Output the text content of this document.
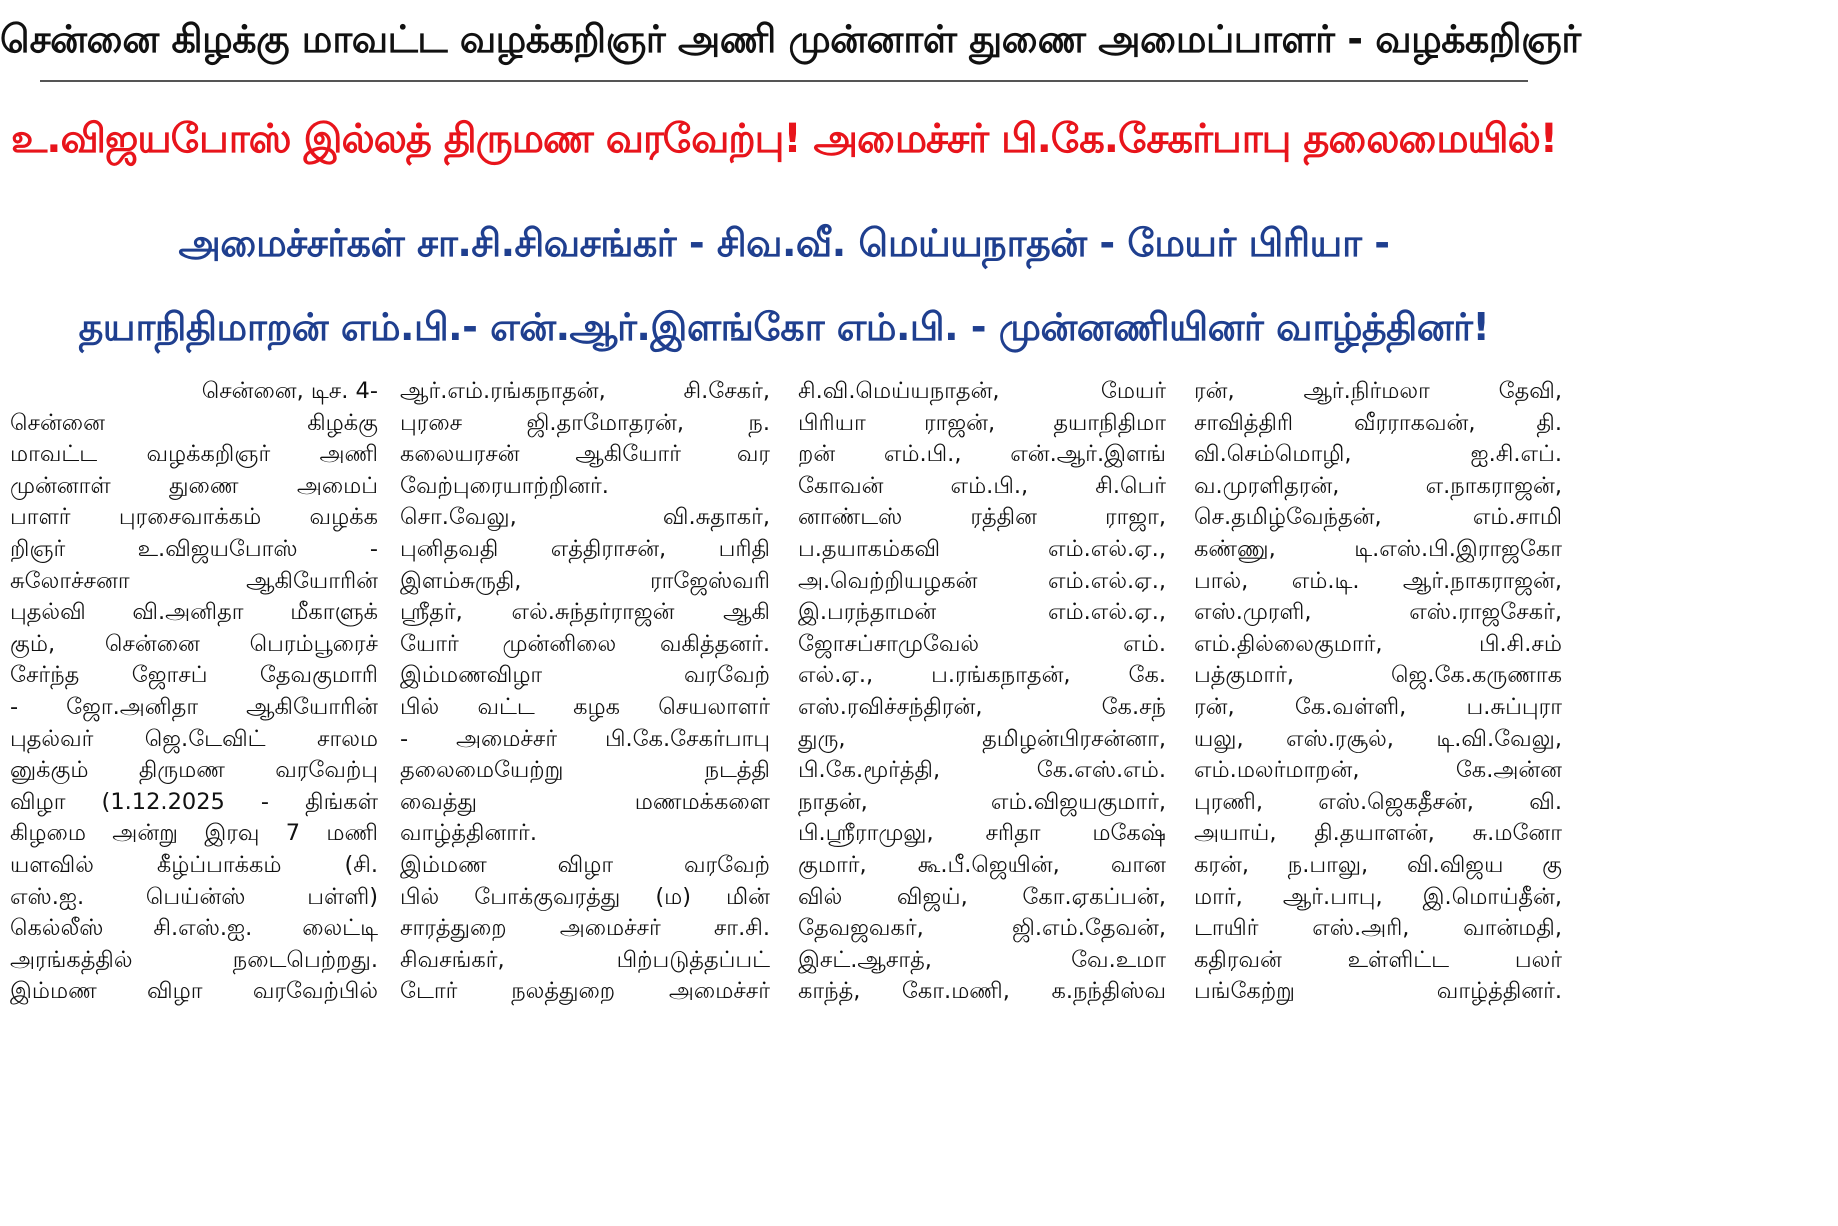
சென்னை கிழக்கு மாவட்ட வழக்கறிஞர் அணி முன்னாள் துணை அமைப்பாளர் - வழக்கறிஞர்
உ.விஜயபோஸ் இல்லத் திருமண வரவேற்பு! அமைச்சர் பி.கே.சேகர்பாபு தலைமையில்!
அமைச்சர்கள் சா.சி.சிவசங்கர் - சிவ.வீ. மெய்யநாதன் - மேயர் பிரியா -
தயாநிதிமாறன் எம்.பி.- என்.ஆர்.இளங்கோ எம்.பி. - முன்னணியினர் வாழ்த்தினர்!

சென்னை, டிச. 4-

சென்னை கிழக்கு

மாவட்ட வழக்கறிஞர் அணி

முன்னாள் துணை அமைப்

பாளர் புரசைவாக்கம் வழக்க

றிஞர் உ.விஜயபோஸ் -

சுலோச்சனா ஆகியோரின்

புதல்வி வி.அனிதா மீகாளுக்

கும், சென்னை பெரம்பூரைச்

சேர்ந்த ஜோசப் தேவகுமாரி

- ஜோ.அனிதா ஆகியோரின்

புதல்வர் ஜெ.டேவிட் சாலம

னுக்கும் திருமண வரவேற்பு

விழா (1.12.2025 - திங்கள்

கிழமை அன்று இரவு 7 மணி

யளவில் கீழ்ப்பாக்கம் (சி.

எஸ்.ஐ. பெய்ன்ஸ் பள்ளி)

கெல்லீஸ் சி.எஸ்.ஐ. லைட்டி

அரங்கத்தில் நடைபெற்றது.

இம்மண விழா வரவேற்பில்

ஆர்.எம்.ரங்கநாதன், சி.சேகர்,

புரசை ஜி.தாமோதரன், ந.

கலையரசன் ஆகியோர் வர

வேற்புரையாற்றினர்.

சொ.வேலு, வி.சுதாகர்,

புனிதவதி எத்திராசன், பரிதி

இளம்சுருதி, ராஜேஸ்வரி

ஸ்ரீதர், எல்.சுந்தர்ராஜன் ஆகி

யோர் முன்னிலை வகித்தனர்.

இம்மணவிழா வரவேற்

பில் வட்ட கழக செயலாளர்

- அமைச்சர் பி.கே.சேகர்பாபு

தலைமையேற்று நடத்தி

வைத்து மணமக்களை

வாழ்த்தினார்.

இம்மண விழா வரவேற்

பில் போக்குவரத்து (ம) மின்

சாரத்துறை அமைச்சர் சா.சி.

சிவசங்கர், பிற்படுத்தப்பட்

டோர் நலத்துறை அமைச்சர்

சி.வி.மெய்யநாதன், மேயர்

பிரியா ராஜன், தயாநிதிமா

றன் எம்.பி., என்.ஆர்.இளங்

கோவன் எம்.பி., சி.பெர்

னாண்டஸ் ரத்தின ராஜா,

ப.தயாகம்கவி எம்.எல்.ஏ.,

அ.வெற்றியழகன் எம்.எல்.ஏ.,

இ.பரந்தாமன் எம்.எல்.ஏ.,

ஜோசப்சாமுவேல் எம்.

எல்.ஏ., ப.ரங்கநாதன், கே.

எஸ்.ரவிச்சந்திரன், கே.சந்

துரு, தமிழன்பிரசன்னா,

பி.கே.மூர்த்தி, கே.எஸ்.எம்.

நாதன், எம்.விஜயகுமார்,

பி.ஸ்ரீராமுலு, சரிதா மகேஷ்

குமார், கூ.பீ.ஜெயின், வான

வில் விஜய், கோ.ஏகப்பன்,

தேவஜவகர், ஜி.எம்.தேவன்,

இசட்.ஆசாத், வே.உமா

காந்த், கோ.மணி, க.நந்திஸ்வ

ரன், ஆர்.நிர்மலா தேவி,

சாவித்திரி வீரராகவன், தி.

வி.செம்மொழி, ஐ.சி.எப்.

வ.முரளிதரன், எ.நாகராஜன்,

செ.தமிழ்வேந்தன், எம்.சாமி

கண்ணு, டி.எஸ்.பி.இராஜகோ

பால், எம்.டி. ஆர்.நாகராஜன்,

எஸ்.முரளி, எஸ்.ராஜசேகர்,

எம்.தில்லைகுமார், பி.சி.சம்

பத்குமார், ஜெ.கே.கருணாக

ரன், கே.வள்ளி, ப.சுப்புரா

யலு, எஸ்.ரசூல், டி.வி.வேலு,

எம்.மலர்மாறன், கே.அன்ன

புரணி, எஸ்.ஜெகதீசன், வி.

அயாய், தி.தயாளன், சு.மனோ

கரன், ந.பாலு, வி.விஜய கு

மார், ஆர்.பாபு, இ.மொய்தீன்,

டாயிர் எஸ்.அரி, வான்மதி,

கதிரவன் உள்ளிட்ட பலர்

பங்கேற்று வாழ்த்தினர்.
